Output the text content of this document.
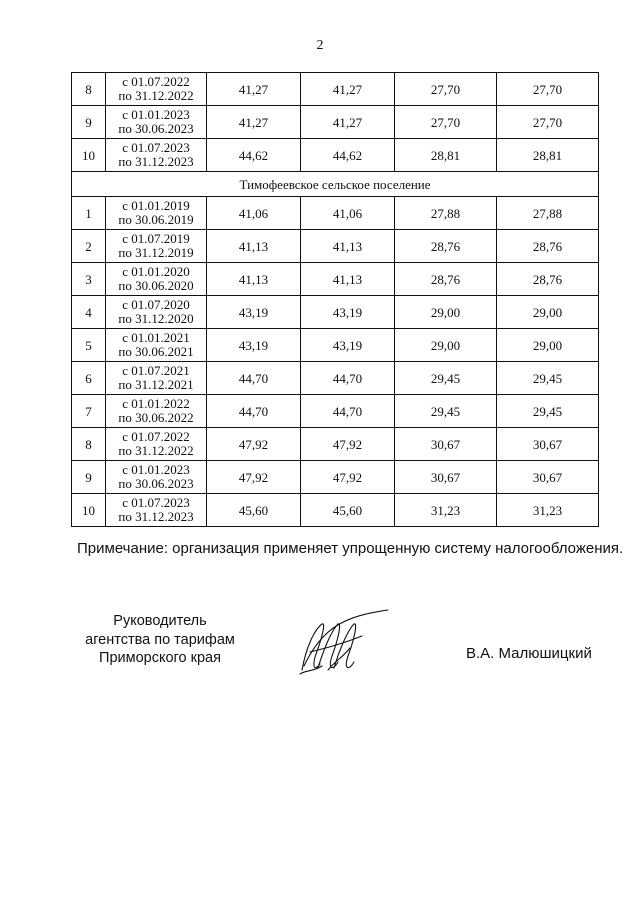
2
8	с 01.07.2022
по 31.12.2022	41,27	41,27	27,70	27,70
9	с 01.01.2023
по 30.06.2023	41,27	41,27	27,70	27,70
10	с 01.07.2023
по 31.12.2023	44,62	44,62	28,81	28,81
Тимофеевское сельское поселение					
1	с 01.01.2019
по 30.06.2019	41,06	41,06	27,88	27,88
2	с 01.07.2019
по 31.12.2019	41,13	41,13	28,76	28,76
3	с 01.01.2020
по 30.06.2020	41,13	41,13	28,76	28,76
4	с 01.07.2020
по 31.12.2020	43,19	43,19	29,00	29,00
5	с 01.01.2021
по 30.06.2021	43,19	43,19	29,00	29,00
6	с 01.07.2021
по 31.12.2021	44,70	44,70	29,45	29,45
7	с 01.01.2022
по 30.06.2022	44,70	44,70	29,45	29,45
8	с 01.07.2022
по 31.12.2022	47,92	47,92	30,67	30,67
9	с 01.01.2023
по 30.06.2023	47,92	47,92	30,67	30,67
10	с 01.07.2023
по 31.12.2023	45,60	45,60	31,23	31,23
Примечание: организация применяет упрощенную систему налогообложения.
Руководитель
агентства по тарифам
Приморского края	В.А. Малюшицкий
